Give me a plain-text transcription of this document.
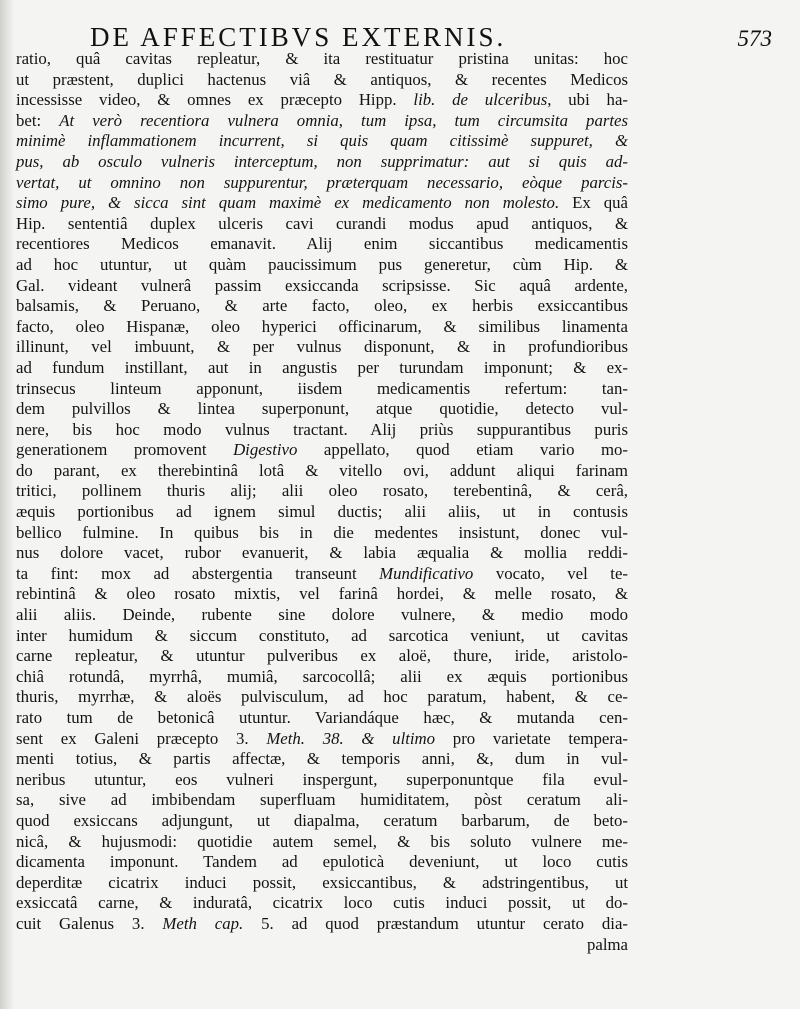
DE AFFECTIBVS EXTERNIS.	573
ratio, quâ cavitas repleatur, & ita restituatur pristina unitas: hoc
ut præstent, duplici hactenus viâ & antiquos, & recentes Medicos
incessisse video, & omnes ex præcepto Hipp. lib. de ulceribus, ubi ha-
bet: At verò recentiora vulnera omnia, tum ipsa, tum circumsita partes
minimè inflammationem incurrent, si quis quam citissimè suppuret, &
pus, ab osculo vulneris interceptum, non supprimatur: aut si quis ad-
vertat, ut omnino non suppurentur, præterquam necessario, eòque parcis-
simo pure, & sicca sint quam maximè ex medicamento non molesto. Ex quâ
Hip. sententiâ duplex ulceris cavi curandi modus apud antiquos, &
recentiores Medicos emanavit. Alij enim siccantibus medicamentis
ad hoc utuntur, ut quàm paucissimum pus generetur, cùm Hip. &
Gal. videant vulnerâ passim exsiccanda scripsisse. Sic aquâ ardente,
balsamis, & Peruano, & arte facto, oleo, ex herbis exsiccantibus
facto, oleo Hispanæ, oleo hyperici officinarum, & similibus linamenta
illinunt, vel imbuunt, & per vulnus disponunt, & in profundioribus
ad fundum instillant, aut in angustis per turundam imponunt; & ex-
trinsecus linteum apponunt, iisdem medicamentis refertum: tan-
dem pulvillos & lintea superponunt, atque quotidie, detecto vul-
nere, bis hoc modo vulnus tractant. Alij priùs suppurantibus puris
generationem promovent Digestivo appellato, quod etiam vario mo-
do parant, ex therebintinâ lotâ & vitello ovi, addunt aliqui farinam
tritici, pollinem thuris alij; alii oleo rosato, terebentinâ, & cerâ,
æquis portionibus ad ignem simul ductis; alii aliis, ut in contusis
bellico fulmine. In quibus bis in die medentes insistunt, donec vul-
nus dolore vacet, rubor evanuerit, & labia æqualia & mollia reddi-
ta fint: mox ad abstergentia transeunt Mundificativo vocato, vel te-
rebintinâ & oleo rosato mixtis, vel farinâ hordei, & melle rosato, &
alii aliis. Deinde, rubente sine dolore vulnere, & medio modo
inter humidum & siccum constituto, ad sarcotica veniunt, ut cavitas
carne repleatur, & utuntur pulveribus ex aloë, thure, iride, aristolo-
chiâ rotundâ, myrrhâ, mumiâ, sarcocollâ; alii ex æquis portionibus
thuris, myrrhæ, & aloës pulvisculum, ad hoc paratum, habent, & ce-
rato tum de betonicâ utuntur. Variandáque hæc, & mutanda cen-
sent ex Galeni præcepto 3. Meth. 38. & ultimo pro varietate tempera-
menti totius, & partis affectæ, & temporis anni, &, dum in vul-
neribus utuntur, eos vulneri inspergunt, superponuntque fila evul-
sa, sive ad imbibendam superfluam humiditatem, pòst ceratum ali-
quod exsiccans adjungunt, ut diapalma, ceratum barbarum, de beto-
nicâ, & hujusmodi: quotidie autem semel, & bis soluto vulnere me-
dicamenta imponunt. Tandem ad epuloticà deveniunt, ut loco cutis
deperditæ cicatrix induci possit, exsiccantibus, & adstringentibus, ut
exsiccatâ carne, & induratâ, cicatrix loco cutis induci possit, ut do-
cuit Galenus 3. Meth cap. 5. ad quod præstandum utuntur cerato dia-
palma
